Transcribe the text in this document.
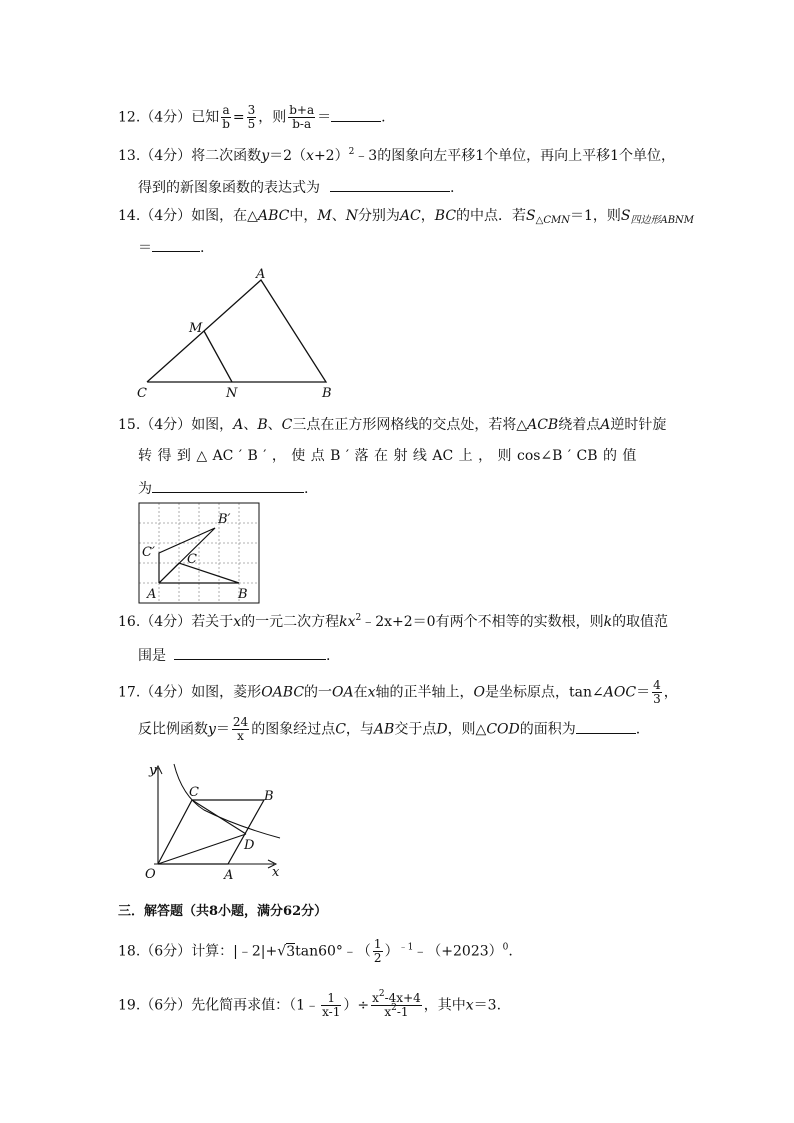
12.（4分）已知 $\frac{a}{b} = \frac{3}{5}$ ，则 $\frac{b+a}{b-a}$ ＝	.
13.（4分）将二次函数$y=2(x+2)^2﹣3$的图象向左平移1个单位，再向上平移1个单位，
得到的新图象函数的表达式为	.
14.（4分）如图，在△ABC中，M、N分别为AC，BC的中点．若$S_{\triangle CMN}=1$，则$S_{四边形ABNM}$
＝	.
A
M
C	N	B
15.（4分）如图，A、B、C三点在正方形网格线的交点处，若将△ACB绕着点A逆时针旋
转 得 到 △ AC ′ B ′ ， 使 点 B ′ 落 在 射 线 AC 上 ， 则 cos∠B ′ CB 的 值
为	.
B′
C′ C
A	B
16.（4分）若关于x的一元二次方程$kx^2﹣2x+2=0$有两个不相等的实数根，则k的取值范
围是	.
17.（4分）如图，菱形OABC的一OA在x轴的正半轴上，O是坐标原点，tan∠AOC＝ $\frac{4}{3}$ ，
反比例函数$y= \frac{24}{x}$ 的图象经过点C，与AB交于点D，则△COD的面积为	.
y
x
O	A
B
C
D
三．解答题（共8小题，满分62分）
18.（6分）计算：|﹣2|+√3tan60°﹣（ $\frac{1}{2}$ ）$^{﹣1}﹣(+2023)^0$.
19.（6分）先化简再求值：（1﹣ $\frac{1}{x-1}$ ）÷ $\frac{x^2-4x+4}{x^2-1}$ ，其中x＝3.
